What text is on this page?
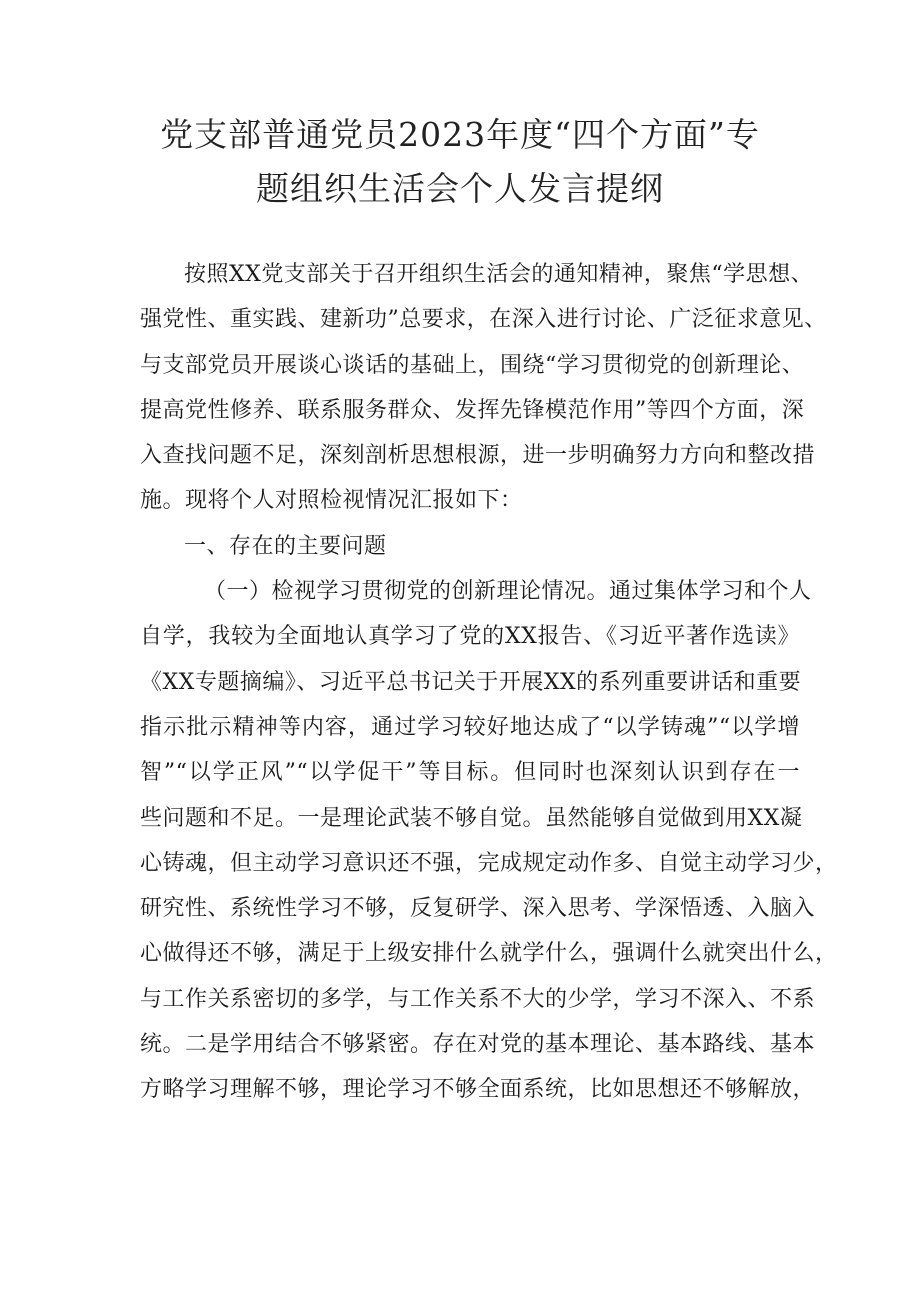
党支部普通党员2023年度“四个方面”专
题组织生活会个人发言提纲
按照XX党支部关于召开组织生活会的通知精神，聚焦“学思想、
强党性、重实践、建新功”总要求，在深入进行讨论、广泛征求意见、
与支部党员开展谈心谈话的基础上，围绕“学习贯彻党的创新理论、
提高党性修养、联系服务群众、发挥先锋模范作用”等四个方面，深
入查找问题不足，深刻剖析思想根源，进一步明确努力方向和整改措
施。现将个人对照检视情况汇报如下：
一、存在的主要问题
（一）检视学习贯彻党的创新理论情况。通过集体学习和个人
自学，我较为全面地认真学习了党的XX报告、《习近平著作选读》
《XX专题摘编》、习近平总书记关于开展XX的系列重要讲话和重要
指示批示精神等内容，通过学习较好地达成了“以学铸魂”“以学增
智”“以学正风”“以学促干”等目标。但同时也深刻认识到存在一
些问题和不足。一是理论武装不够自觉。虽然能够自觉做到用XX凝
心铸魂，但主动学习意识还不强，完成规定动作多、自觉主动学习少，
研究性、系统性学习不够，反复研学、深入思考、学深悟透、入脑入
心做得还不够，满足于上级安排什么就学什么，强调什么就突出什么，
与工作关系密切的多学，与工作关系不大的少学，学习不深入、不系
统。二是学用结合不够紧密。存在对党的基本理论、基本路线、基本
方略学习理解不够，理论学习不够全面系统，比如思想还不够解放，
